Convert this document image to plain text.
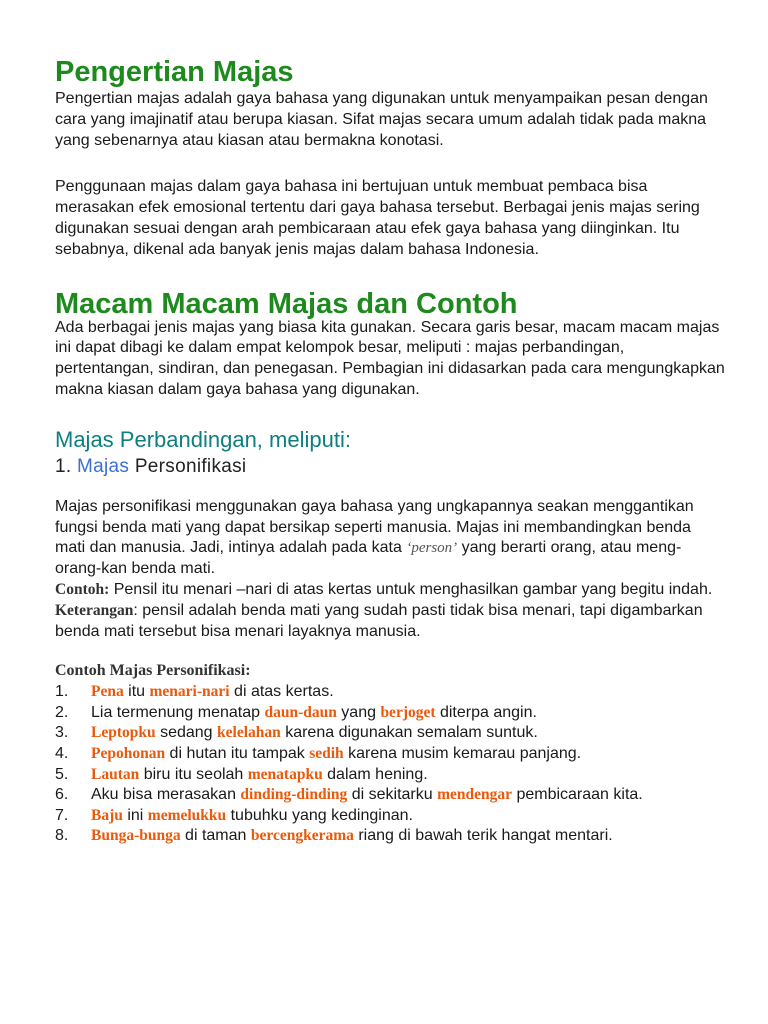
Pengertian Majas

Pengertian majas adalah gaya bahasa yang digunakan untuk menyampaikan pesan dengan cara yang imajinatif atau berupa kiasan. Sifat majas secara umum adalah tidak pada makna yang sebenarnya atau kiasan atau bermakna konotasi.

Penggunaan majas dalam gaya bahasa ini bertujuan untuk membuat pembaca bisa merasakan efek emosional tertentu dari gaya bahasa tersebut. Berbagai jenis majas sering digunakan sesuai dengan arah pembicaraan atau efek gaya bahasa yang diinginkan. Itu sebabnya, dikenal ada banyak jenis majas dalam bahasa Indonesia.

Macam Macam Majas dan Contoh

Ada berbagai jenis majas yang biasa kita gunakan. Secara garis besar, macam macam majas ini dapat dibagi ke dalam empat kelompok besar, meliputi : majas perbandingan, pertentangan, sindiran, dan penegasan. Pembagian ini didasarkan pada cara mengungkapkan makna kiasan dalam gaya bahasa yang digunakan.

Majas Perbandingan, meliputi:
1. Majas Personifikasi

Majas personifikasi menggunakan gaya bahasa yang ungkapannya seakan menggantikan fungsi benda mati yang dapat bersikap seperti manusia. Majas ini membandingkan benda mati dan manusia. Jadi, intinya adalah pada kata ‘person’ yang berarti orang, atau meng-orang-kan benda mati.
Contoh: Pensil itu menari –nari di atas kertas untuk menghasilkan gambar yang begitu indah.
Keterangan: pensil adalah benda mati yang sudah pasti tidak bisa menari, tapi digambarkan benda mati tersebut bisa menari layaknya manusia.

Contoh Majas Personifikasi:
1. Pena itu menari-nari di atas kertas.
2. Lia termenung menatap daun-daun yang berjoget diterpa angin.
3. Leptopku sedang kelelahan karena digunakan semalam suntuk.
4. Pepohonan di hutan itu tampak sedih karena musim kemarau panjang.
5. Lautan biru itu seolah menatapku dalam hening.
6. Aku bisa merasakan dinding-dinding di sekitarku mendengar pembicaraan kita.
7. Baju ini memelukku tubuhku yang kedinginan.
8. Bunga-bunga di taman bercengkerama riang di bawah terik hangat mentari.
